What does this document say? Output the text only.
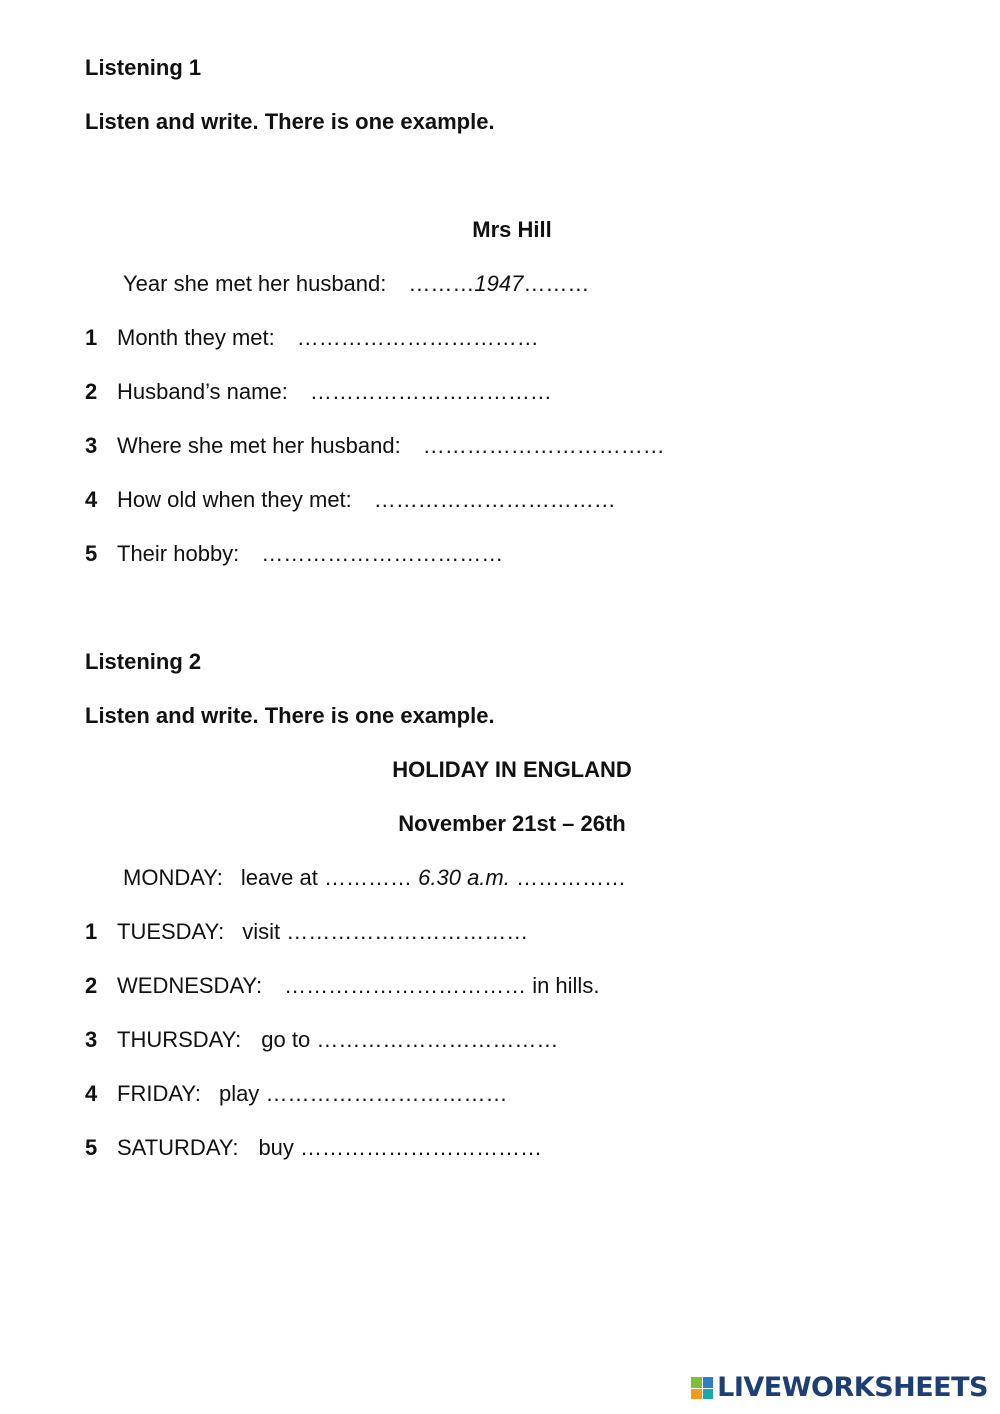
Listening 1
Listen and write. There is one example.
Mrs Hill
Year she met her husband: ………1947………
1 Month they met: ……………………………
2 Husband’s name: ……………………………
3 Where she met her husband: ……………………………
4 How old when they met: ……………………………
5 Their hobby: ……………………………
Listening 2
Listen and write. There is one example.
HOLIDAY IN ENGLAND
November 21st – 26th
MONDAY: leave at ………… 6.30 a.m. ……………
1 TUESDAY: visit ……………………………
2 WEDNESDAY: …………………………… in hills.
3 THURSDAY: go to ……………………………
4 FRIDAY: play ……………………………
5 SATURDAY: buy ……………………………
LIVEWORKSHEETS
